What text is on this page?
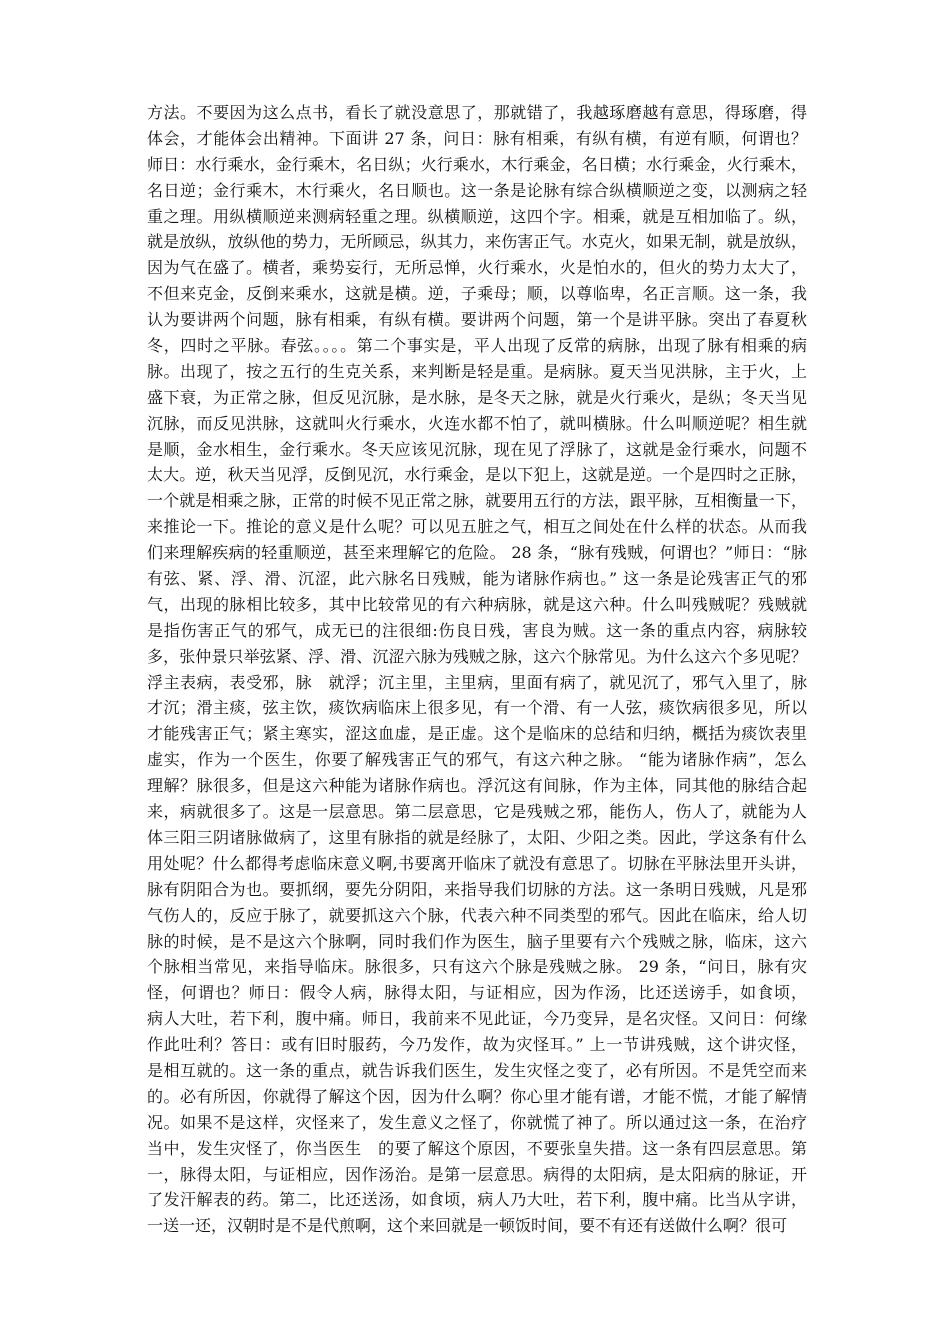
方法。不要因为这么点书，看长了就没意思了，那就错了，我越琢磨越有意思，得琢磨，得
体会，才能体会出精神。下面讲 27 条，问日：脉有相乘，有纵有横，有逆有顺，何谓也？
师日：水行乘水，金行乘木，名日纵；火行乘水，木行乘金，名日横；水行乘金，火行乘木，
名日逆；金行乘木，木行乘火，名日顺也。这一条是论脉有综合纵横顺逆之变，以测病之轻
重之理。用纵横顺逆来测病轻重之理。纵横顺逆，这四个字。相乘，就是互相加临了。纵，
就是放纵，放纵他的势力，无所顾忌，纵其力，来伤害正气。水克火，如果无制，就是放纵，
因为气在盛了。横者，乘势妄行，无所忌惮，火行乘水，火是怕水的，但火的势力太大了，
不但来克金，反倒来乘水，这就是横。逆，子乘母；顺，以尊临卑，名正言顺。这一条，我
认为要讲两个问题，脉有相乘，有纵有横。要讲两个问题，第一个是讲平脉。突出了春夏秋
冬，四时之平脉。春弦。。。。第二个事实是，平人出现了反常的病脉，出现了脉有相乘的病
脉。出现了，按之五行的生克关系，来判断是轻是重。是病脉。夏天当见洪脉，主于火，上
盛下衰，为正常之脉，但反见沉脉，是水脉，是冬天之脉，就是火行乘火，是纵；冬天当见
沉脉，而反见洪脉，这就叫火行乘水，火连水都不怕了，就叫横脉。什么叫顺逆呢？相生就
是顺，金水相生，金行乘水。冬天应该见沉脉，现在见了浮脉了，这就是金行乘水，问题不
太大。逆，秋天当见浮，反倒见沉，水行乘金，是以下犯上，这就是逆。一个是四时之正脉，
一个就是相乘之脉，正常的时候不见正常之脉，就要用五行的方法，跟平脉，互相衡量一下，
来推论一下。推论的意义是什么呢？可以见五脏之气，相互之间处在什么样的状态。从而我
们来理解疾病的轻重顺逆，甚至来理解它的危险。 28 条，“脉有残贼，何谓也？”师日：“脉
有弦、紧、浮、滑、沉涩，此六脉名日残贼，能为诸脉作病也。” 这一条是论残害正气的邪
气，出现的脉相比较多，其中比较常见的有六种病脉，就是这六种。什么叫残贼呢？残贼就
是指伤害正气的邪气，成无已的注很细:伤良日残，害良为贼。这一条的重点内容，病脉较
多，张仲景只举弦紧、浮、滑、沉涩六脉为残贼之脉，这六个脉常见。为什么这六个多见呢？
浮主表病，表受邪，脉　就浮；沉主里，主里病，里面有病了，就见沉了，邪气入里了，脉
才沉；滑主痰，弦主饮，痰饮病临床上很多见，有一个滑、有一人弦，痰饮病很多见，所以
才能残害正气；紧主寒实，涩这血虚，是正虚。这个是临床的总结和归纳，概括为痰饮表里
虚实，作为一个医生，你要了解残害正气的邪气，有这六种之脉。 “能为诸脉作病”，怎么
理解？脉很多，但是这六种能为诸脉作病也。浮沉这有间脉，作为主体，同其他的脉结合起
来，病就很多了。这是一层意思。第二层意思，它是残贼之邪，能伤人，伤人了，就能为人
体三阳三阴诸脉做病了，这里有脉指的就是经脉了，太阳、少阳之类。因此，学这条有什么
用处呢？什么都得考虑临床意义啊,书要离开临床了就没有意思了。切脉在平脉法里开头讲，
脉有阴阳合为也。要抓纲，要先分阴阳，来指导我们切脉的方法。这一条明日残贼，凡是邪
气伤人的，反应于脉了，就要抓这六个脉，代表六种不同类型的邪气。因此在临床，给人切
脉的时候，是不是这六个脉啊，同时我们作为医生，脑子里要有六个残贼之脉，临床，这六
个脉相当常见，来指导临床。脉很多，只有这六个脉是残贼之脉。 29 条，“问日，脉有灾
怪，何谓也？师日：假令人病，脉得太阳，与证相应，因为作汤，比还送谤手，如食顷，
病人大吐，若下利，腹中痛。师日，我前来不见此证，今乃变异，是名灾怪。又问日：何缘
作此吐利？答日：或有旧时服药，今乃发作，故为灾怪耳。” 上一节讲残贼，这个讲灾怪，
是相互就的。这一条的重点，就告诉我们医生，发生灾怪之变了，必有所因。不是凭空而来
的。必有所因，你就得了解这个因，因为什么啊？你心里才能有谱，才能不慌，才能了解情
况。如果不是这样，灾怪来了，发生意义之怪了，你就慌了神了。所以通过这一条，在治疗
当中，发生灾怪了，你当医生　的要了解这个原因，不要张皇失措。这一条有四层意思。第
一，脉得太阳，与证相应，因作汤治。是第一层意思。病得的太阳病，是太阳病的脉证，开
了发汗解表的药。第二，比还送汤，如食顷，病人乃大吐，若下利，腹中痛。比当从字讲，
一送一还，汉朝时是不是代煎啊，这个来回就是一顿饭时间，要不有还有送做什么啊？很可
